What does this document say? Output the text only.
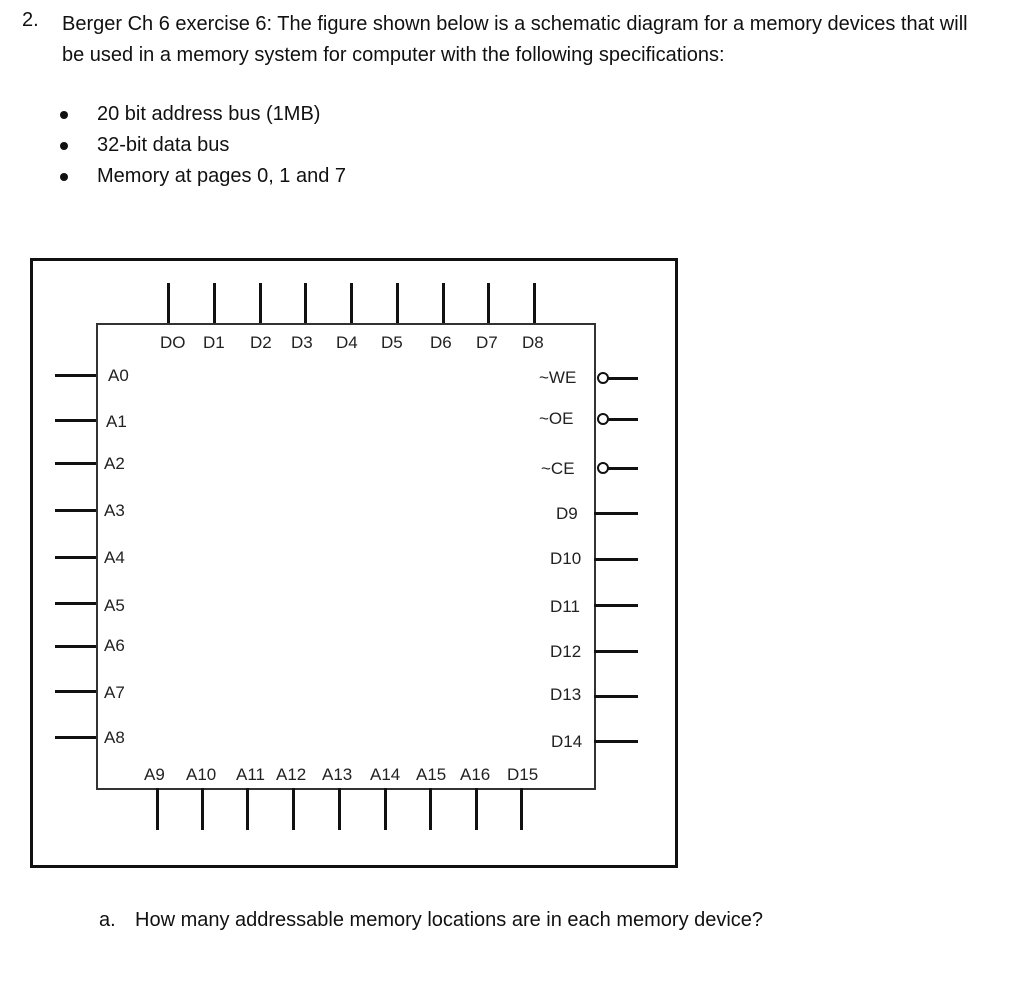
2. Berger Ch 6 exercise 6: The figure shown below is a schematic diagram for a memory devices that will be used in a memory system for computer with the following specifications:
20 bit address bus (1MB)
32-bit data bus
Memory at pages 0, 1 and 7
DO D1 D2 D3 D4 D5 D6 D7 D8
A0
A1
A2
A3
A4
A5
A6
A7
A8
~WE
~OE
~CE
D9
D10
D11
D12
D13
D14
A9 A10 A11 A12 A13 A14 A15 A16 D15
a. How many addressable memory locations are in each memory device?
